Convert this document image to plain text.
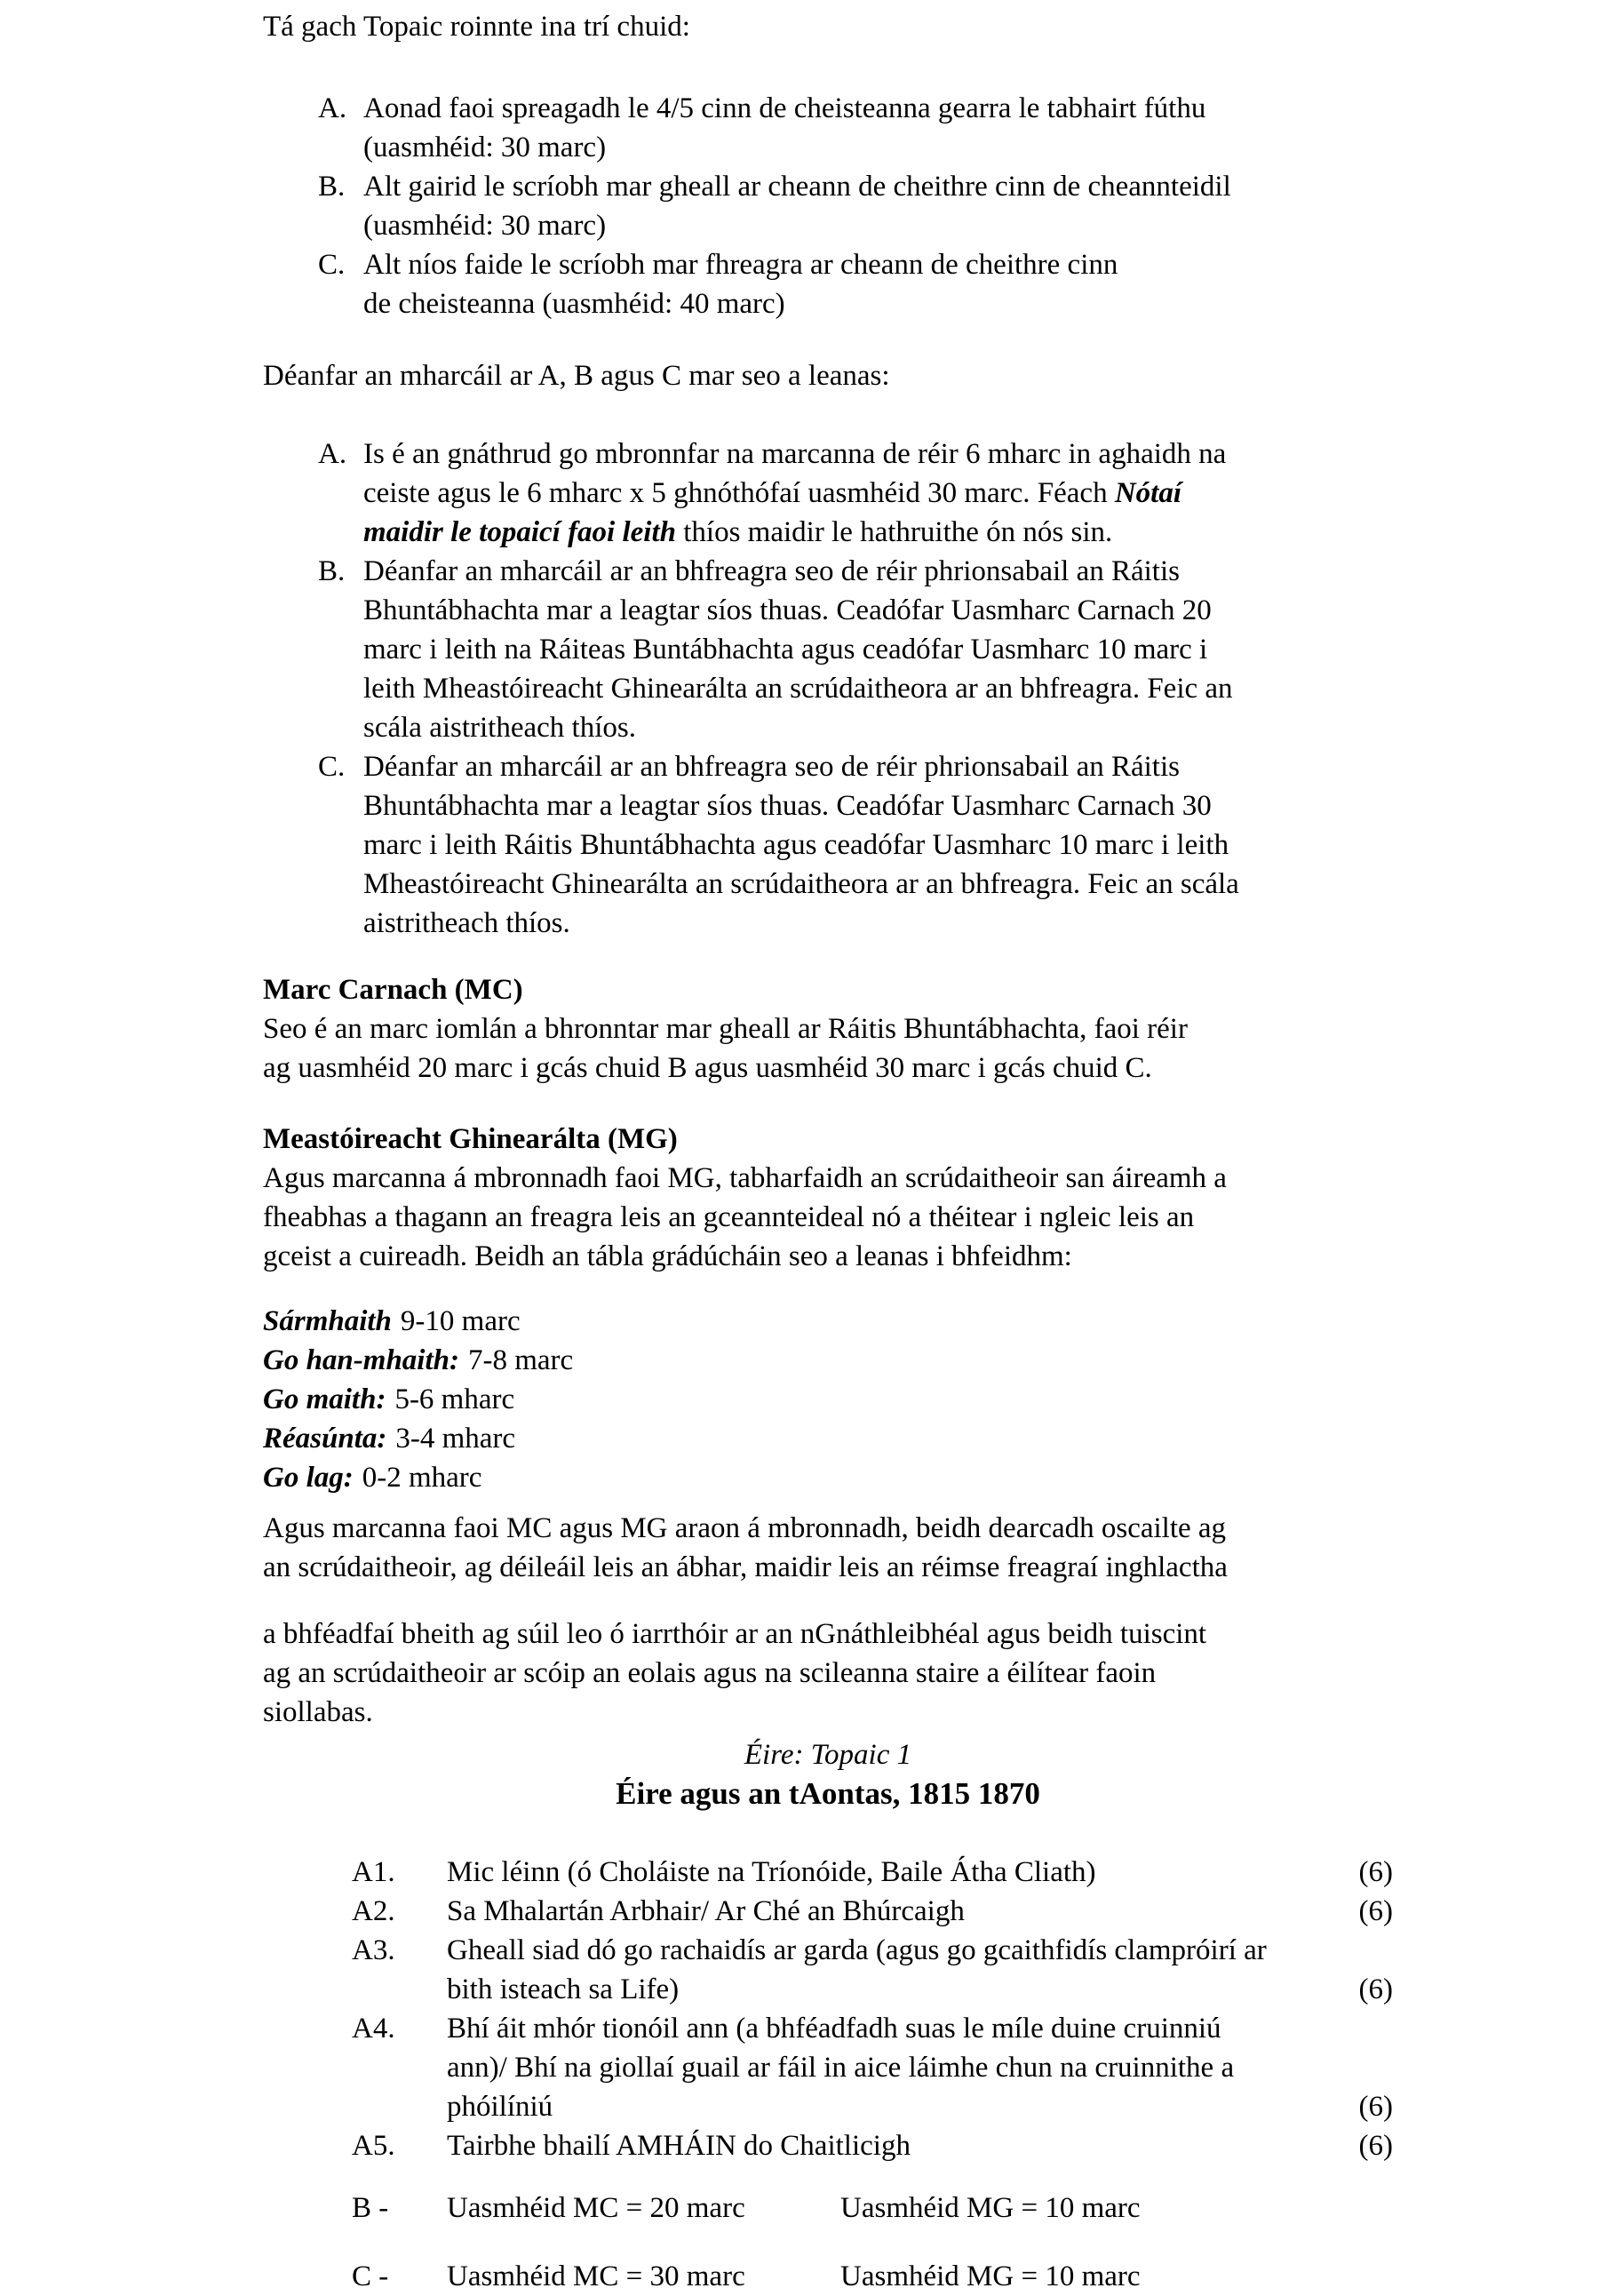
Tá gach Topaic roinnte ina trí chuid:
A. Aonad faoi spreagadh le 4/5 cinn de cheisteanna gearra le tabhairt fúthu
(uasmhéid: 30 marc)
B. Alt gairid le scríobh mar gheall ar cheann de cheithre cinn de cheannteidil
(uasmhéid: 30 marc)
C. Alt níos faide le scríobh mar fhreagra ar cheann de cheithre cinn
de cheisteanna (uasmhéid: 40 marc)
Déanfar an mharcáil ar A, B agus C mar seo a leanas:
A. Is é an gnáthrud go mbronnfar na marcanna de réir 6 mharc in aghaidh na
ceiste agus le 6 mharc x 5 ghnóthófaí uasmhéid 30 marc. Féach Nótaí
maidir le topaicí faoi leith thíos maidir le hathruithe ón nós sin.
B. Déanfar an mharcáil ar an bhfreagra seo de réir phrionsabail an Ráitis
Bhuntábhachta mar a leagtar síos thuas. Ceadófar Uasmharc Carnach 20
marc i leith na Ráiteas Buntábhachta agus ceadófar Uasmharc 10 marc i
leith Mheastóireacht Ghinearálta an scrúdaitheora ar an bhfreagra. Feic an
scála aistritheach thíos.
C. Déanfar an mharcáil ar an bhfreagra seo de réir phrionsabail an Ráitis
Bhuntábhachta mar a leagtar síos thuas. Ceadófar Uasmharc Carnach 30
marc i leith Ráitis Bhuntábhachta agus ceadófar Uasmharc 10 marc i leith
Mheastóireacht Ghinearálta an scrúdaitheora ar an bhfreagra. Feic an scála
aistritheach thíos.
Marc Carnach (MC)
Seo é an marc iomlán a bhronntar mar gheall ar Ráitis Bhuntábhachta, faoi réir
ag uasmhéid 20 marc i gcás chuid B agus uasmhéid 30 marc i gcás chuid C.
Meastóireacht Ghinearálta (MG)
Agus marcanna á mbronnadh faoi MG, tabharfaidh an scrúdaitheoir san áireamh a
fheabhas a thagann an freagra leis an gceannteideal nó a théitear i ngleic leis an
gceist a cuireadh. Beidh an tábla grádúcháin seo a leanas i bhfeidhm:
Sármhaith 9-10 marc
Go han-mhaith: 7-8 marc
Go maith: 5-6 mharc
Réasúnta: 3-4 mharc
Go lag: 0-2 mharc
Agus marcanna faoi MC agus MG araon á mbronnadh, beidh dearcadh oscailte ag
an scrúdaitheoir, ag déileáil leis an ábhar, maidir leis an réimse freagraí inghlactha
a bhféadfaí bheith ag súil leo ó iarrthóir ar an nGnáthleibhéal agus beidh tuiscint
ag an scrúdaitheoir ar scóip an eolais agus na scileanna staire a éilítear faoin
siollabas.
Éire: Topaic 1
Éire agus an tAontas, 1815 1870
A1. Mic léinn (ó Choláiste na Tríonóide, Baile Átha Cliath)	(6)
A2. Sa Mhalartán Arbhair/ Ar Ché an Bhúrcaigh	(6)
A3. Gheall siad dó go rachaidís ar garda (agus go gcaithfidís clampróirí ar
bith isteach sa Life)	(6)
A4. Bhí áit mhór tionóil ann (a bhféadfadh suas le míle duine cruinniú
ann)/ Bhí na giollaí guail ar fáil in aice láimhe chun na cruinnithe a
phóilíniú	(6)
A5. Tairbhe bhailí AMHÁIN do Chaitlicigh	(6)
B - Uasmhéid MC = 20 marc	Uasmhéid MG = 10 marc
C - Uasmhéid MC = 30 marc	Uasmhéid MG = 10 marc
